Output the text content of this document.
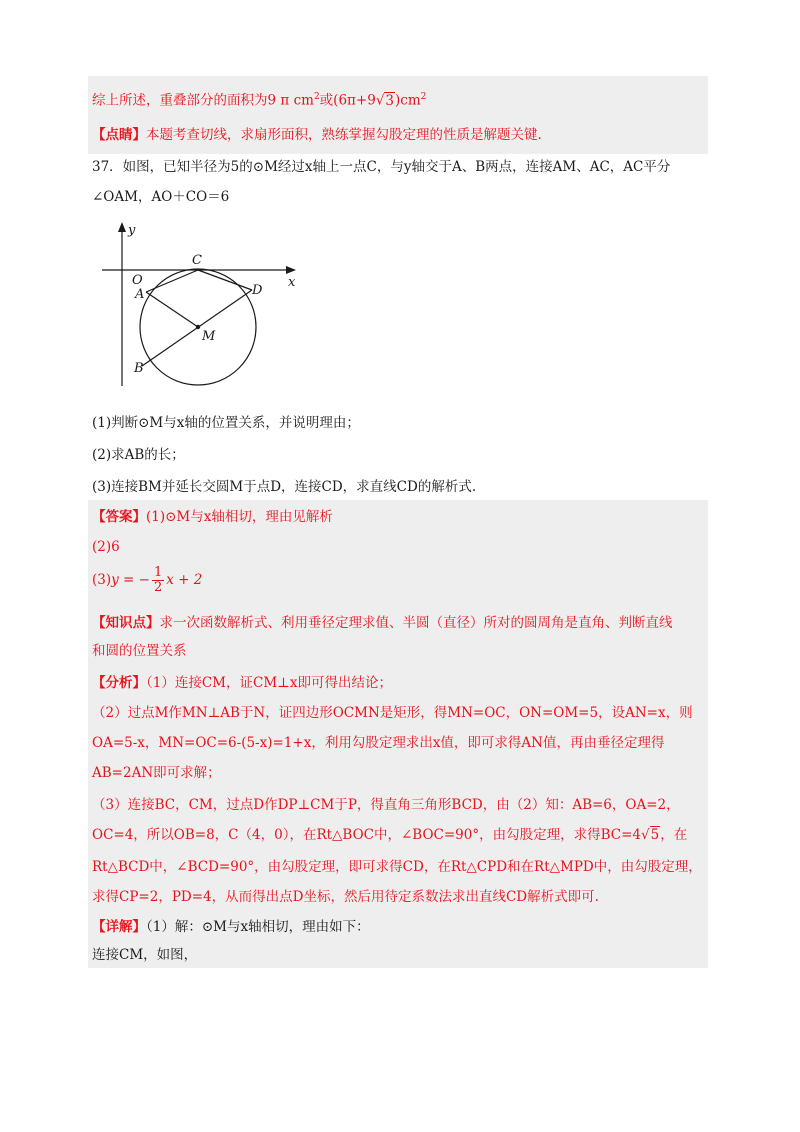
综上所述，重叠部分的面积为9 π $cm^2$或$(6\pi+9√3)cm^2$
【点睛】本题考查切线，求扇形面积，熟练掌握勾股定理的性质是解题关键.
37．如图，已知半径为5的⊙M经过x轴上一点C，与y轴交于A、B两点，连接AM、AC，AC平分
∠OAM，AO＋CO＝6
y
x
O
C
A	D
M
B
(1)判断⊙M与x轴的位置关系，并说明理由；
(2)求AB的长；
(3)连接BM并延长交圆M于点D，连接CD，求直线CD的解析式.
【答案】(1)⊙M与x轴相切，理由见解析
(2)6
(3)y = − $\frac{1}{2}$ x + 2
【知识点】求一次函数解析式、利用垂径定理求值、半圆（直径）所对的圆周角是直角、判断直线
和圆的位置关系
【分析】（1）连接CM，证CM⊥x即可得出结论；
（2）过点M作MN⊥AB于N，证四边形OCMN是矩形，得MN=OC，ON=OM=5，设AN=x，则
OA=5-x，MN=OC=6-(5-x)=1+x，利用勾股定理求出x值，即可求得AN值，再由垂径定理得
AB=2AN即可求解；
（3）连接BC，CM，过点D作DP⊥CM于P，得直角三角形BCD，由（2）知：AB=6，OA=2，
OC=4，所以OB=8，C（4，0），在Rt△BOC中，∠BOC=90°，由勾股定理，求得BC=4√5，在
Rt△BCD中，∠BCD=90°，由勾股定理，即可求得CD，在Rt△CPD和在Rt△MPD中，由勾股定理，
求得CP=2，PD=4，从而得出点D坐标，然后用待定系数法求出直线CD解析式即可.
【详解】（1）解：⊙M与x轴相切，理由如下：
连接CM，如图，
